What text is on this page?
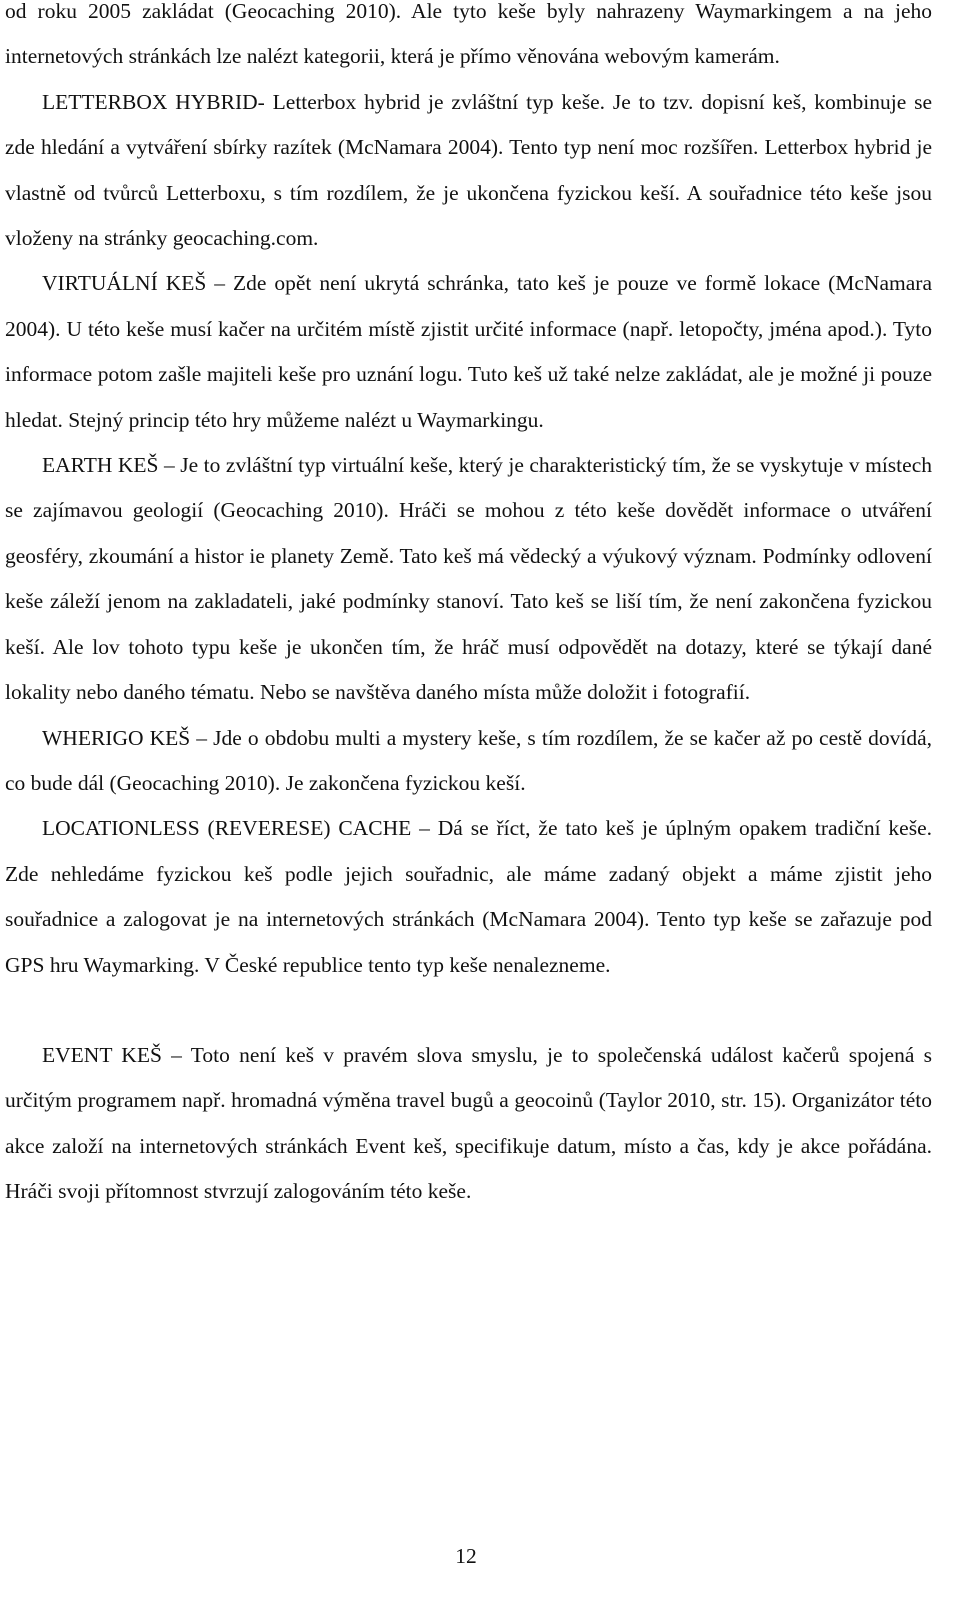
od roku 2005 zakládat (Geocaching 2010). Ale tyto keše byly nahrazeny Waymarkingem a na jeho internetových stránkách lze nalézt kategorii, která je přímo věnována webovým kamerám.

LETTERBOX HYBRID- Letterbox hybrid je zvláštní typ keše. Je to tzv. dopisní keš, kombinuje se zde hledání a vytváření sbírky razítek (McNamara 2004). Tento typ není moc rozšířen. Letterbox hybrid je vlastně od tvůrců Letterboxu, s tím rozdílem, že je ukončena fyzickou keší. A souřadnice této keše jsou vloženy na stránky geocaching.com.

VIRTUÁLNÍ KEŠ – Zde opět není ukrytá schránka, tato keš je pouze ve formě lokace (McNamara 2004). U této keše musí kačer na určitém místě zjistit určité informace (např. letopočty, jména apod.). Tyto informace potom zašle majiteli keše pro uznání logu. Tuto keš už také nelze zakládat, ale je možné ji pouze hledat. Stejný princip této hry můžeme nalézt u Waymarkingu.

EARTH KEŠ – Je to zvláštní typ virtuální keše, který je charakteristický tím, že se vyskytuje v místech se zajímavou geologií (Geocaching 2010). Hráči se mohou z této keše dovědět informace o utváření geosféry, zkoumání a histor ie planety Země. Tato keš má vědecký a výukový význam. Podmínky odlovení keše záleží jenom na zakladateli, jaké podmínky stanoví. Tato keš se liší tím, že není zakončena fyzickou keší. Ale lov tohoto typu keše je ukončen tím, že hráč musí odpovědět na dotazy, které se týkají dané lokality nebo daného tématu. Nebo se navštěva daného místa může doložit i fotografií.

WHERIGO KEŠ – Jde o obdobu multi a mystery keše, s tím rozdílem, že se kačer až po cestě dovídá, co bude dál (Geocaching 2010). Je zakončena fyzickou keší.

LOCATIONLESS (REVERESE) CACHE – Dá se říct, že tato keš je úplným opakem tradiční keše. Zde nehledáme fyzickou keš podle jejich souřadnic, ale máme zadaný objekt a máme zjistit jeho souřadnice a zalogovat je na internetových stránkách (McNamara 2004). Tento typ keše se zařazuje pod GPS hru Waymarking. V České republice tento typ keše nenalezneme.

EVENT KEŠ – Toto není keš v pravém slova smyslu, je to společenská událost kačerů spojená s určitým programem např. hromadná výměna travel bugů a geocoinů (Taylor 2010, str. 15). Organizátor této akce založí na internetových stránkách Event keš, specifikuje datum, místo a čas, kdy je akce pořádána. Hráči svoji přítomnost stvrzují zalogováním této keše.

12
